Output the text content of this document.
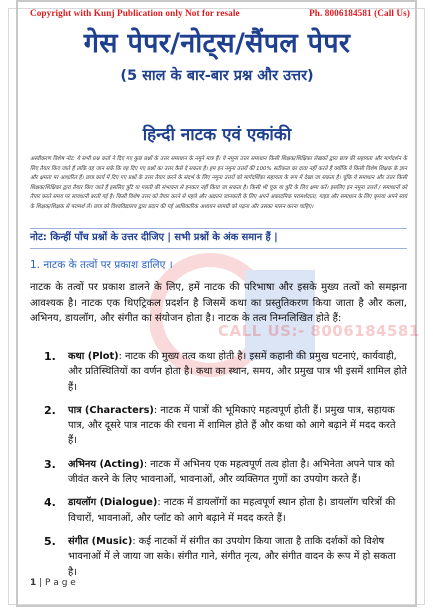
Copyright with Kunj Publication only Not for resale	Ph. 8006184581 (Call Us)
गेस पेपर/नोट्स/सैंपल पेपर
(5 साल के बार-बार प्रश्न और उत्तर)
हिन्दी नाटक एवं एकांकी
अस्वीकरण विशेष नोट: ये सभी प्रश्न कर्ता ने दिए गए कुछ प्रश्नों के उत्तर समाधान के नमूने मात्र हैं। ये नमूना उत्तर समाधान किसी शिक्षक/शिक्षिका लेखकों द्वारा छात्र की सहायता और मार्गदर्शन के लिए तैयार किए जाते हैं ताकि वह जान सके कि वह दिए गए प्रश्नों का उत्तर कैसे दे सकता है। हम इन नमूना उत्तरों की 100% सटीकता का दावा नहीं करते हैं क्योंकि ये किसी विशेष शिक्षक के ज्ञान और क्षमता पर आधारित हैं। छात्र कार्य में दिए गए प्रश्नों के उत्तर तैयार करने के संदर्भ के लिए नमूना उत्तरों को मार्गदर्शिका सहायता के रूप में देखा जा सकता है। चूंकि ये समाधान और उत्तर किसी शिक्षक/शिक्षिका द्वारा तैयार किए जाते हैं इसलिए त्रुटि या गलती की संभावना से इनकार नहीं किया जा सकता है। किसी भी चूक या त्रुटि के लिए क्षमा करें। इसलिए इन नमूना उत्तरों / समाधानों को तैयार करते समय पर सावधानी बरती गई है। किसी विशेष उत्तर को तैयार करने से पहले और अद्यतन जानकारी के लिए अपने अकादमिक परामर्शदाता, गाइड और समाधान के लिए कृपया अपने स्वयं के शिक्षक/शिक्षक से परामर्श लें। छात्र को विश्वविद्यालय द्वारा प्रदान की गई आधिकारिक अध्ययन सामग्री को पढ़ना और उसका पालन करना चाहिए।
नोट: किन्हीं पाँच प्रश्नों के उत्तर दीजिए | सभी प्रश्नों के अंक समान हैं |
1. नाटक के तत्वों पर प्रकाश डालिए ।
नाटक के तत्वों पर प्रकाश डालने के लिए, हमें नाटक की परिभाषा और इसके मुख्य तत्वों को समझना आवश्यक है। नाटक एक थिएट्रिकल प्रदर्शन है जिसमें कथा का प्रस्तुतिकरण किया जाता है और कला, अभिनय, डायलॉग, और संगीत का संयोजन होता है। नाटक के तत्व निम्नलिखित होते हैं:
CALL US:- 8006184581
1. कथा (Plot): नाटक की मुख्य तत्व कथा होती है। इसमें कहानी की प्रमुख घटनाएं, कार्यवाही, और प्रतिस्थितियों का वर्णन होता है। कथा का स्थान, समय, और प्रमुख पात्र भी इसमें शामिल होते हैं।
2. पात्र (Characters): नाटक में पात्रों की भूमिकाएं महत्वपूर्ण होती हैं। प्रमुख पात्र, सहायक पात्र, और दूसरे पात्र नाटक की रचना में शामिल होते हैं और कथा को आगे बढ़ाने में मदद करते हैं।
3. अभिनय (Acting): नाटक में अभिनय एक महत्वपूर्ण तत्व होता है। अभिनेता अपने पात्र को जीवंत करने के लिए भावनाओं, भावनाओं, और व्यक्तिगत गुणों का उपयोग करते हैं।
4. डायलॉग (Dialogue): नाटक में डायलॉगों का महत्वपूर्ण स्थान होता है। डायलॉग चरित्रों की विचारों, भावनाओं, और प्लॉट को आगे बढ़ाने में मदद करते हैं।
5. संगीत (Music): कई नाटकों में संगीत का उपयोग किया जाता है ताकि दर्शकों को विशेष भावनाओं में ले जाया जा सके। संगीत गाने, संगीत नृत्य, और संगीत वादन के रूप में हो सकता है।
1 | P a g e
